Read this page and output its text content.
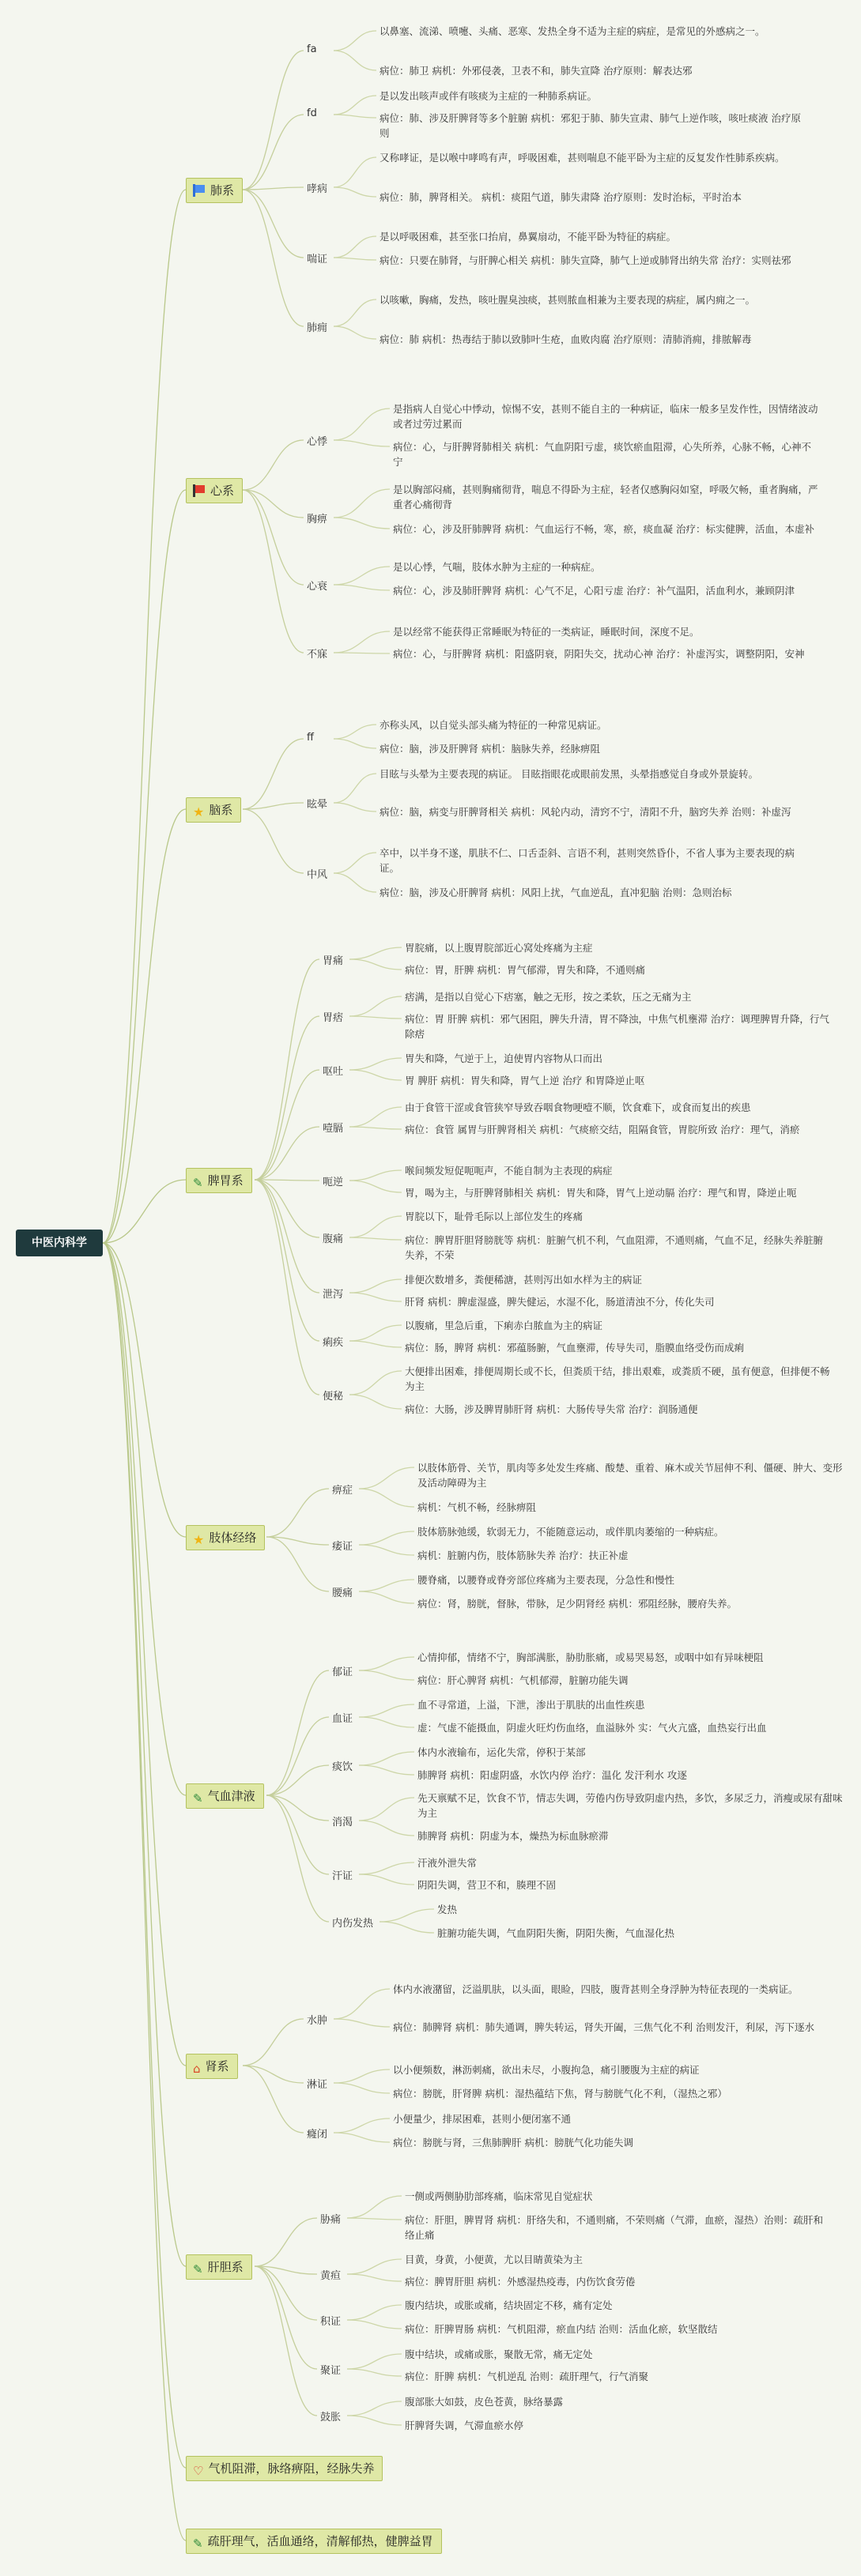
中医内科学
肺系
fa
以鼻塞、流涕、喷嚏、头痛、恶寒、发热全身不适为主症的病症，是常见的外感病之一。
病位：肺卫 病机：外邪侵袭，卫表不和，肺失宣降 治疗原则：解表达邪
fd
是以发出咳声或伴有咳痰为主症的一种肺系病证。
病位：肺、涉及肝脾肾等多个脏腑 病机：邪犯于肺、肺失宣肃、肺气上逆作咳，咳吐痰液 治疗原则
哮病
又称哮证，是以喉中哮鸣有声，呼吸困难，甚则喘息不能平卧为主症的反复发作性肺系疾病。
病位：肺，脾肾相关。 病机：痰阻气道，肺失肃降 治疗原则：发时治标，平时治本
喘证
是以呼吸困难，甚至张口抬肩，鼻翼扇动，不能平卧为特征的病症。
病位：只要在肺肾，与肝脾心相关 病机：肺失宣降，肺气上逆或肺肾出纳失常 治疗：实则祛邪
肺痈
以咳嗽，胸痛，发热，咳吐腥臭浊痰，甚则脓血相兼为主要表现的病症，属内痈之一。
病位：肺 病机：热毒结于肺以致肺叶生疮，血败肉腐 治疗原则：清肺消痈，排脓解毒
心系
心悸
是指病人自觉心中悸动，惊惕不安，甚则不能自主的一种病证，临床一般多呈发作性，因情绪波动或者过劳过累而
病位：心，与肝脾肾肺相关 病机：气血阴阳亏虚，痰饮瘀血阻滞，心失所养，心脉不畅，心神不宁
胸痹
是以胸部闷痛，甚则胸痛彻背，喘息不得卧为主症，轻者仅感胸闷如窒，呼吸欠畅，重者胸痛，严重者心痛彻背
病位：心，涉及肝肺脾肾 病机：气血运行不畅，寒，瘀，痰血凝 治疗：标实健脾，活血，本虚补
心衰
是以心悸，气喘，肢体水肿为主症的一种病症。
病位：心，涉及肺肝脾肾 病机：心气不足，心阳亏虚 治疗：补气温阳，活血利水，兼顾阴津
不寐
是以经常不能获得正常睡眠为特征的一类病证，睡眠时间，深度不足。
病位：心，与肝脾肾 病机：阳盛阴衰，阴阳失交，扰动心神 治疗：补虚泻实，调整阴阳，安神
★ 脑系
ff
亦称头风，以自觉头部头痛为特征的一种常见病证。
病位：脑，涉及肝脾肾 病机：脑脉失养，经脉痹阻
眩晕
目眩与头晕为主要表现的病证。 目眩指眼花或眼前发黑，头晕指感觉自身或外景旋转。
病位：脑，病变与肝脾肾相关 病机：风轮内动，清窍不宁，清阳不升，脑窍失养 治则：补虚泻
中风
卒中，以半身不遂，肌肤不仁、口舌歪斜、言语不利，甚则突然昏仆，不省人事为主要表现的病证。
病位：脑，涉及心肝脾肾 病机：风阳上扰，气血逆乱，直冲犯脑 治则：急则治标
✎ 脾胃系
胃痛
胃脘痛，以上腹胃脘部近心窝处疼痛为主症
病位：胃，肝脾 病机：胃气郁滞，胃失和降，不通则痛
胃痞
痞满，是指以自觉心下痞塞，触之无形，按之柔软，压之无痛为主
病位：胃 肝脾 病机：邪气困阻，脾失升清，胃不降浊，中焦气机壅滞 治疗：调理脾胃升降，行气除痞
呕吐
胃失和降，气逆于上，迫使胃内容物从口而出
胃 脾肝 病机：胃失和降，胃气上逆 治疗 和胃降逆止呕
噎膈
由于食管干涩或食管狭窄导致吞咽食物哽噎不顺，饮食难下，或食而复出的疾患
病位：食管 属胃与肝脾肾相关 病机：气痰瘀交结，阻隔食管，胃脘所致 治疗：理气，消瘀
呃逆
喉间频发短促呃呃声，不能自制为主表现的病症
胃，喝为主，与肝脾肾肺相关 病机：胃失和降，胃气上逆动膈 治疗：理气和胃，降逆止呃
腹痛
胃脘以下，耻骨毛际以上部位发生的疼痛
病位：脾胃肝胆肾膀胱等 病机：脏腑气机不利，气血阻滞，不通则痛，气血不足，经脉失养脏腑失养，不荣
泄泻
排便次数增多，粪便稀溏，甚则泻出如水样为主的病证
肝肾 病机：脾虚湿盛，脾失健运，水湿不化，肠道清浊不分，传化失司
痢疾
以腹痛，里急后重，下痢赤白脓血为主的病证
病位：肠，脾肾 病机：邪蕴肠腑，气血壅滞，传导失司，脂膜血络受伤而成痢
便秘
大便排出困难，排便周期长或不长，但粪质干结，排出艰难，或粪质不硬，虽有便意，但排便不畅为主
病位：大肠，涉及脾胃肺肝肾 病机：大肠传导失常 治疗：润肠通便
★ 肢体经络
痹症
以肢体筋骨、关节，肌肉等多处发生疼痛、酸楚、重着、麻木或关节屈伸不利、僵硬、肿大、变形及活动障碍为主
病机：气机不畅，经脉痹阻
痿证
肢体筋脉弛缓，软弱无力，不能随意运动，或伴肌肉萎缩的一种病症。
病机：脏腑内伤，肢体筋脉失养 治疗：扶正补虚
腰痛
腰脊痛，以腰脊或脊旁部位疼痛为主要表现，分急性和慢性
病位：肾，膀胱，督脉，带脉，足少阴肾经 病机：邪阻经脉，腰府失养。
✎ 气血津液
郁证
心情抑郁，情绪不宁，胸部满胀，胁肋胀痛，或易哭易怒，或咽中如有异味梗阻
病位：肝心脾肾 病机：气机郁滞，脏腑功能失调
血证
血不寻常道，上溢，下泄，渗出于肌肤的出血性疾患
虚：气虚不能摄血，阴虚火旺灼伤血络，血溢脉外 实：气火亢盛，血热妄行出血
痰饮
体内水液输布，运化失常，停积于某部
肺脾肾 病机：阳虚阴盛，水饮内停 治疗：温化 发汗利水 攻逐
消渴
先天禀赋不足，饮食不节，情志失调，劳倦内伤导致阴虚内热，多饮，多尿乏力，消瘦或尿有甜味为主
肺脾肾 病机：阴虚为本，燥热为标血脉瘀滞
汗证
汗液外泄失常
阴阳失调，营卫不和，腠理不固
内伤发热
发热
脏腑功能失调，气血阴阳失衡，阴阳失衡，气血湿化热
⌂ 肾系
水肿
体内水液潴留，泛溢肌肤，以头面，眼睑，四肢，腹背甚则全身浮肿为特征表现的一类病证。
病位：肺脾肾 病机：肺失通调，脾失转运，肾失开阖，三焦气化不利 治则发汗，利尿，泻下逐水
淋证
以小便频数，淋沥刺痛，欲出未尽，小腹拘急，痛引腰腹为主症的病证
病位：膀胱，肝肾脾 病机：湿热蕴结下焦，肾与膀胱气化不利，（湿热之邪）
癃闭
小便量少，排尿困难，甚则小便闭塞不通
病位：膀胱与肾，三焦肺脾肝 病机：膀胱气化功能失调
✎ 肝胆系
胁痛
一侧或两侧胁肋部疼痛，临床常见自觉症状
病位：肝胆，脾胃肾 病机：肝络失和，不通则痛，不荣则痛（气滞，血瘀，湿热）治则：疏肝和络止痛
黄疸
目黄，身黄，小便黄，尤以目睛黄染为主
病位：脾胃肝胆 病机：外感湿热疫毒，内伤饮食劳倦
积证
腹内结块，或胀或痛，结块固定不移，痛有定处
病位：肝脾胃肠 病机：气机阻滞，瘀血内结 治则：活血化瘀，软坚散结
聚证
腹中结块，或痛或胀，聚散无常，痛无定处
病位：肝脾 病机：气机逆乱 治则：疏肝理气，行气消聚
鼓胀
腹部胀大如鼓，皮色苍黄，脉络暴露
肝脾肾失调，气滞血瘀水停
♡ 气机阻滞，脉络痹阻，经脉失养
✎ 疏肝理气，活血通络，清解郁热，健脾益胃
